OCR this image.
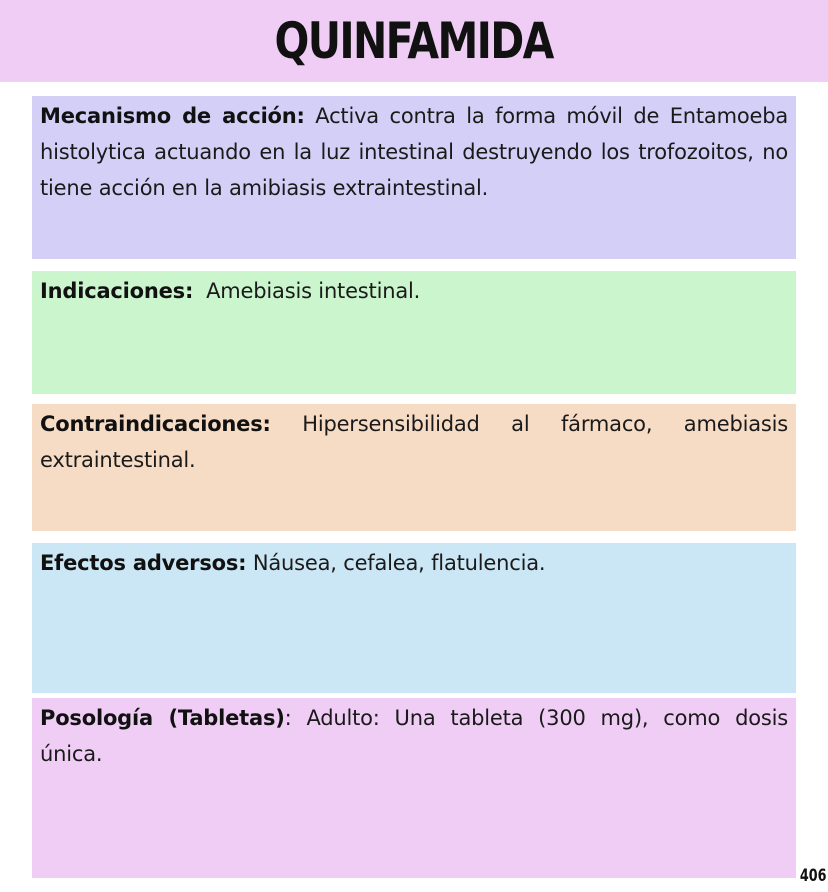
QUINFAMIDA
Mecanismo de acción: Activa contra la forma móvil de Entamoeba histolytica actuando en la luz intestinal destruyendo los trofozoitos, no tiene acción en la amibiasis extraintestinal.
Indicaciones:  Amebiasis intestinal.
Contraindicaciones: Hipersensibilidad al fármaco, amebiasis extraintestinal.
Efectos adversos: Náusea, cefalea, flatulencia.
Posología (Tabletas): Adulto: Una tableta (300 mg), como dosis única.
406
